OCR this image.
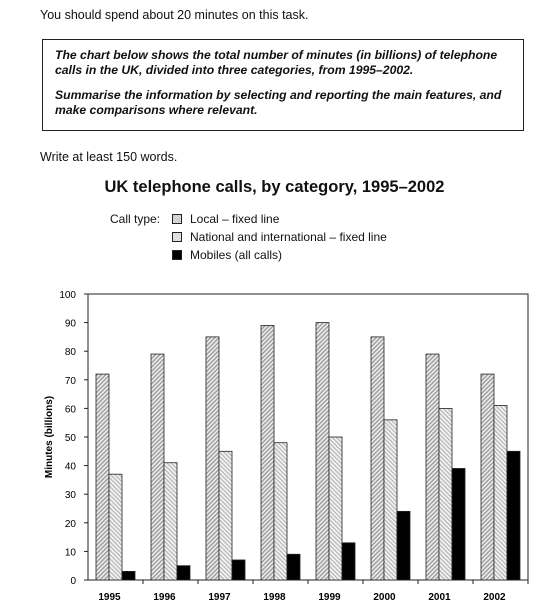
You should spend about 20 minutes on this task.

The chart below shows the total number of minutes (in billions) of telephone calls in the UK, divided into three categories, from 1995–2002.

Summarise the information by selecting and reporting the main features, and make comparisons where relevant.

Write at least 150 words.
UK telephone calls, by category, 1995–2002
Call type: Local – fixed line
National and international – fixed line
Mobiles (all calls)
0
10
20
30
40
50
60
70
80
90
100
Minutes (billions)
1995	1996	1997	1998	1999	2000	2001	2002
